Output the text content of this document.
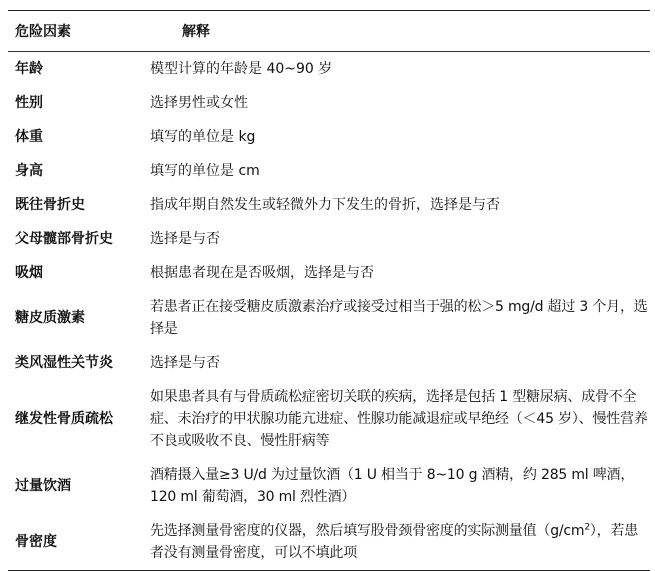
危险因素	解释
年龄	模型计算的年龄是 40~90 岁
性别	选择男性或女性
体重	填写的单位是 kg
身高	填写的单位是 cm
既往骨折史	指成年期自然发生或轻微外力下发生的骨折，选择是与否
父母髋部骨折史	选择是与否
吸烟	根据患者现在是否吸烟，选择是与否
糖皮质激素	若患者正在接受糖皮质激素治疗或接受过相当于强的松＞5 mg/d 超过 3 个月，选择是
类风湿性关节炎	选择是与否
继发性骨质疏松	如果患者具有与骨质疏松症密切关联的疾病，选择是包括 1 型糖尿病、成骨不全症、未治疗的甲状腺功能亢进症、性腺功能减退症或早绝经（＜45 岁）、慢性营养不良或吸收不良、慢性肝病等
过量饮酒	酒精摄入量≥3 U/d 为过量饮酒（1 U 相当于 8~10 g 酒精，约 285 ml 啤酒，120 ml 葡萄酒，30 ml 烈性酒）
骨密度	先选择测量骨密度的仪器，然后填写股骨颈骨密度的实际测量值$(g/cm^2)$，若患者没有测量骨密度，可以不填此项
